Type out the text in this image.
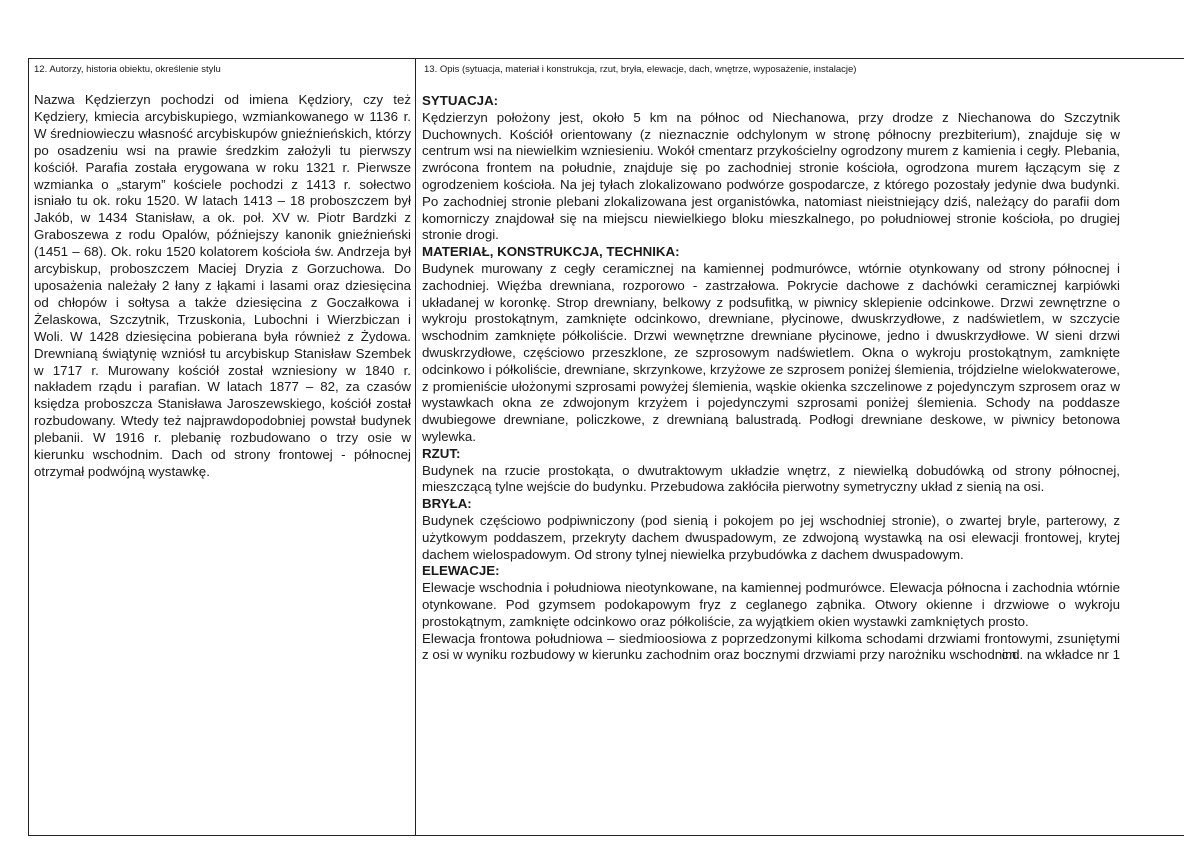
12. Autorzy, historia obiektu, określenie stylu	13. Opis (sytuacja, materiał i konstrukcja, rzut, bryła, elewacje, dach, wnętrze, wyposażenie, instalacje)

Nazwa Kędzierzyn pochodzi od imiena Kędziory, czy też Kędziery, kmiecia arcybiskupiego, wzmiankowanego w 1136 r. W średniowieczu własność arcybiskupów gnieźnieńskich, którzy po osadzeniu wsi na prawie średzkim założyli tu pierwszy kościół. Parafia została erygowana w roku 1321 r. Pierwsze wzmianka o „starym” kościele pochodzi z 1413 r. sołectwo isniało tu ok. roku 1520. W latach 1413 – 18 proboszczem był Jakób, w 1434 Stanisław, a ok. poł. XV w. Piotr Bardzki z Graboszewa z rodu Opalów, późniejszy kanonik gnieźnieński (1451 – 68). Ok. roku 1520 kolatorem kościoła św. Andrzeja był arcybiskup, proboszczem Maciej Dryzia z Gorzuchowa. Do uposażenia należały 2 łany z łąkami i lasami oraz dziesięcina od chłopów i sołtysa a także dziesięcina z Goczałkowa i Żelaskowa, Szczytnik, Trzuskonia, Lubochni i Wierzbiczan i Woli. W 1428 dziesięcina pobierana była również z Żydowa. Drewnianą świątynię wzniósł tu arcybiskup Stanisław Szembek w 1717 r. Murowany kościół został wzniesiony w 1840 r. nakładem rządu i parafian. W latach 1877 – 82, za czasów księdza proboszcza Stanisława Jaroszewskiego, kościół został rozbudowany. Wtedy też najprawdopodobniej powstał budynek plebanii. W 1916 r. plebanię rozbudowano o trzy osie w kierunku wschodnim. Dach od strony frontowej - północnej otrzymał podwójną wystawkę.

SYTUACJA:

Kędzierzyn położony jest, około 5 km na północ od Niechanowa, przy drodze z Niechanowa do Szczytnik Duchownych. Kościół orientowany (z nieznacznie odchylonym w stronę północny prezbiterium), znajduje się w centrum wsi na niewielkim wzniesieniu. Wokół cmentarz przykościelny ogrodzony murem z kamienia i cegły. Plebania, zwrócona frontem na południe, znajduje się po zachodniej stronie kościoła, ogrodzona murem łączącym się z ogrodzeniem kościoła. Na jej tyłach zlokalizowano podwórze gospodarcze, z którego pozostały jedynie dwa budynki. Po zachodniej stronie plebani zlokalizowana jest organistówka, natomiast nieistniejący dziś, należący do parafii dom komorniczy znajdował się na miejscu niewielkiego bloku mieszkalnego, po południowej stronie kościoła, po drugiej stronie drogi.

MATERIAŁ, KONSTRUKCJA, TECHNIKA:

Budynek murowany z cegły ceramicznej na kamiennej podmurówce, wtórnie otynkowany od strony północnej i zachodniej. Więźba drewniana, rozporowo - zastrzałowa. Pokrycie dachowe z dachówki ceramicznej karpiówki układanej w koronkę. Strop drewniany, belkowy z podsufitką, w piwnicy sklepienie odcinkowe. Drzwi zewnętrzne o wykroju prostokątnym, zamknięte odcinkowo, drewniane, płycinowe, dwuskrzydłowe, z nadświetlem, w szczycie wschodnim zamknięte półkoliście. Drzwi wewnętrzne drewniane płycinowe, jedno i dwuskrzydłowe. W sieni drzwi dwuskrzydłowe, częściowo przeszklone, ze szprosowym nadświetlem. Okna o wykroju prostokątnym, zamknięte odcinkowo i półkoliście, drewniane, skrzynkowe, krzyżowe ze szprosem poniżej ślemienia, trójdzielne wielokwaterowe, z promieniście ułożonymi szprosami powyżej ślemienia, wąskie okienka szczelinowe z pojedynczym szprosem oraz w wystawkach okna ze zdwojonym krzyżem i pojedynczymi szprosami poniżej ślemienia. Schody na poddasze dwubiegowe drewniane, policzkowe, z drewnianą balustradą. Podłogi drewniane deskowe, w piwnicy betonowa wylewka.

RZUT:

Budynek na rzucie prostokąta, o dwutraktowym układzie wnętrz, z niewielką dobudówką od strony północnej, mieszczącą tylne wejście do budynku. Przebudowa zakłóciła pierwotny symetryczny układ z sienią na osi.

BRYŁA:

Budynek częściowo podpiwniczony (pod sienią i pokojem po jej wschodniej stronie), o zwartej bryle, parterowy, z użytkowym poddaszem, przekryty dachem dwuspadowym, ze zdwojoną wystawką na osi elewacji frontowej, krytej dachem wielospadowym. Od strony tylnej niewielka przybudówka z dachem dwuspadowym.

ELEWACJE:

Elewacje wschodnia i południowa nieotynkowane, na kamiennej podmurówce. Elewacja północna i zachodnia wtórnie otynkowane. Pod gzymsem podokapowym fryz z ceglanego ząbnika. Otwory okienne i drzwiowe o wykroju prostokątnym, zamknięte odcinkowo oraz półkoliście, za wyjątkiem okien wystawki zamkniętych prosto.

Elewacja frontowa południowa – siedmioosiowa z poprzedzonymi kilkoma schodami drzwiami frontowymi, zsuniętymi z osi w wyniku rozbudowy w kierunku zachodnim oraz bocznymi drzwiami przy narożniku wschodnim.

c.d. na wkładce nr 1
